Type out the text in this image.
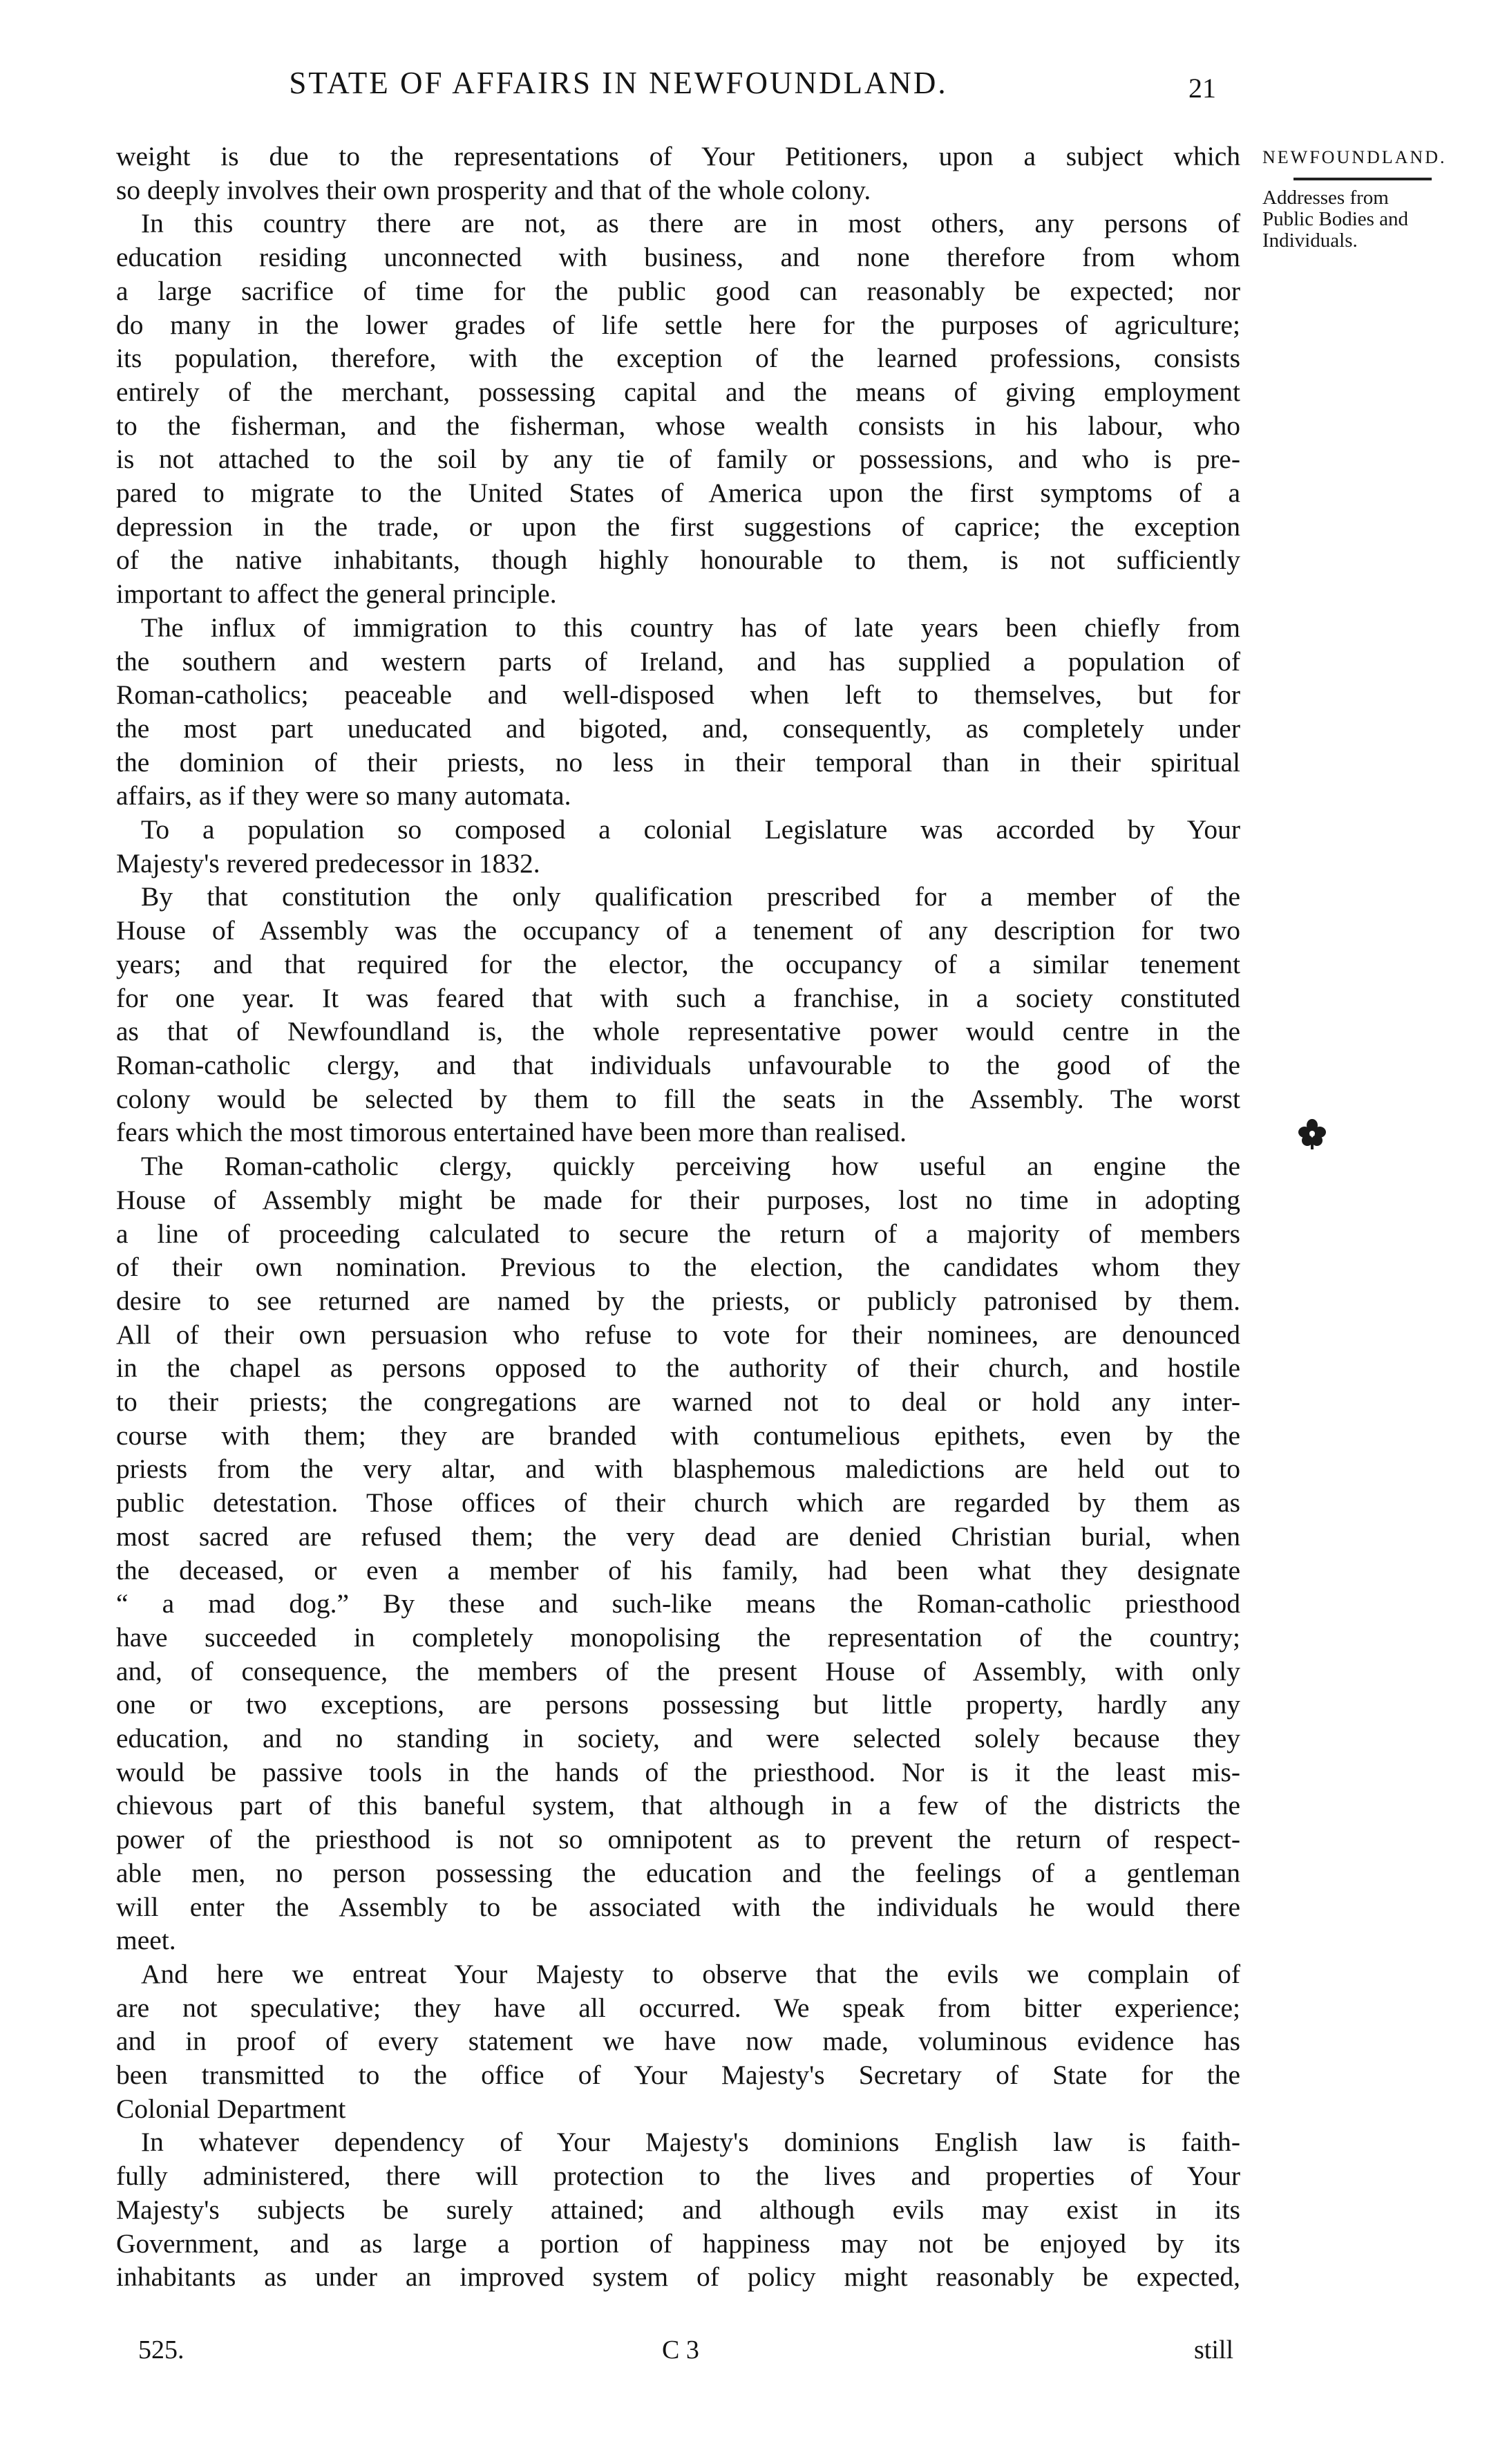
STATE OF AFFAIRS IN NEWFOUNDLAND.	21
NEWFOUNDLAND.
Addresses from
Public Bodies and
Individuals.
weight is due to the representations of Your Petitioners, upon a subject which
so deeply involves their own prosperity and that of the whole colony.
In this country there are not, as there are in most others, any persons of
education residing unconnected with business, and none therefore from whom
a large sacrifice of time for the public good can reasonably be expected; nor
do many in the lower grades of life settle here for the purposes of agriculture;
its population, therefore, with the exception of the learned professions, consists
entirely of the merchant, possessing capital and the means of giving employment
to the fisherman, and the fisherman, whose wealth consists in his labour, who
is not attached to the soil by any tie of family or possessions, and who is pre-
pared to migrate to the United States of America upon the first symptoms of a
depression in the trade, or upon the first suggestions of caprice; the exception
of the native inhabitants, though highly honourable to them, is not sufficiently
important to affect the general principle.
The influx of immigration to this country has of late years been chiefly from
the southern and western parts of Ireland, and has supplied a population of
Roman-catholics; peaceable and well-disposed when left to themselves, but for
the most part uneducated and bigoted, and, consequently, as completely under
the dominion of their priests, no less in their temporal than in their spiritual
affairs, as if they were so many automata.
To a population so composed a colonial Legislature was accorded by Your
Majesty's revered predecessor in 1832.
By that constitution the only qualification prescribed for a member of the
House of Assembly was the occupancy of a tenement of any description for two
years; and that required for the elector, the occupancy of a similar tenement
for one year. It was feared that with such a franchise, in a society constituted
as that of Newfoundland is, the whole representative power would centre in the
Roman-catholic clergy, and that individuals unfavourable to the good of the
colony would be selected by them to fill the seats in the Assembly. The worst
fears which the most timorous entertained have been more than realised.
The Roman-catholic clergy, quickly perceiving how useful an engine the
House of Assembly might be made for their purposes, lost no time in adopting
a line of proceeding calculated to secure the return of a majority of members
of their own nomination. Previous to the election, the candidates whom they
desire to see returned are named by the priests, or publicly patronised by them.
All of their own persuasion who refuse to vote for their nominees, are denounced
in the chapel as persons opposed to the authority of their church, and hostile
to their priests; the congregations are warned not to deal or hold any inter-
course with them; they are branded with contumelious epithets, even by the
priests from the very altar, and with blasphemous maledictions are held out to
public detestation. Those offices of their church which are regarded by them as
most sacred are refused them; the very dead are denied Christian burial, when
the deceased, or even a member of his family, had been what they designate
“ a mad dog.” By these and such-like means the Roman-catholic priesthood
have succeeded in completely monopolising the representation of the country;
and, of consequence, the members of the present House of Assembly, with only
one or two exceptions, are persons possessing but little property, hardly any
education, and no standing in society, and were selected solely because they
would be passive tools in the hands of the priesthood. Nor is it the least mis-
chievous part of this baneful system, that although in a few of the districts the
power of the priesthood is not so omnipotent as to prevent the return of respect-
able men, no person possessing the education and the feelings of a gentleman
will enter the Assembly to be associated with the individuals he would there
meet.
And here we entreat Your Majesty to observe that the evils we complain of
are not speculative; they have all occurred. We speak from bitter experience;
and in proof of every statement we have now made, voluminous evidence has
been transmitted to the office of Your Majesty's Secretary of State for the
Colonial Department
In whatever dependency of Your Majesty's dominions English law is faith-
fully administered, there will protection to the lives and properties of Your
Majesty's subjects be surely attained; and although evils may exist in its
Government, and as large a portion of happiness may not be enjoyed by its
inhabitants as under an improved system of policy might reasonably be expected,
525.	C 3	still
